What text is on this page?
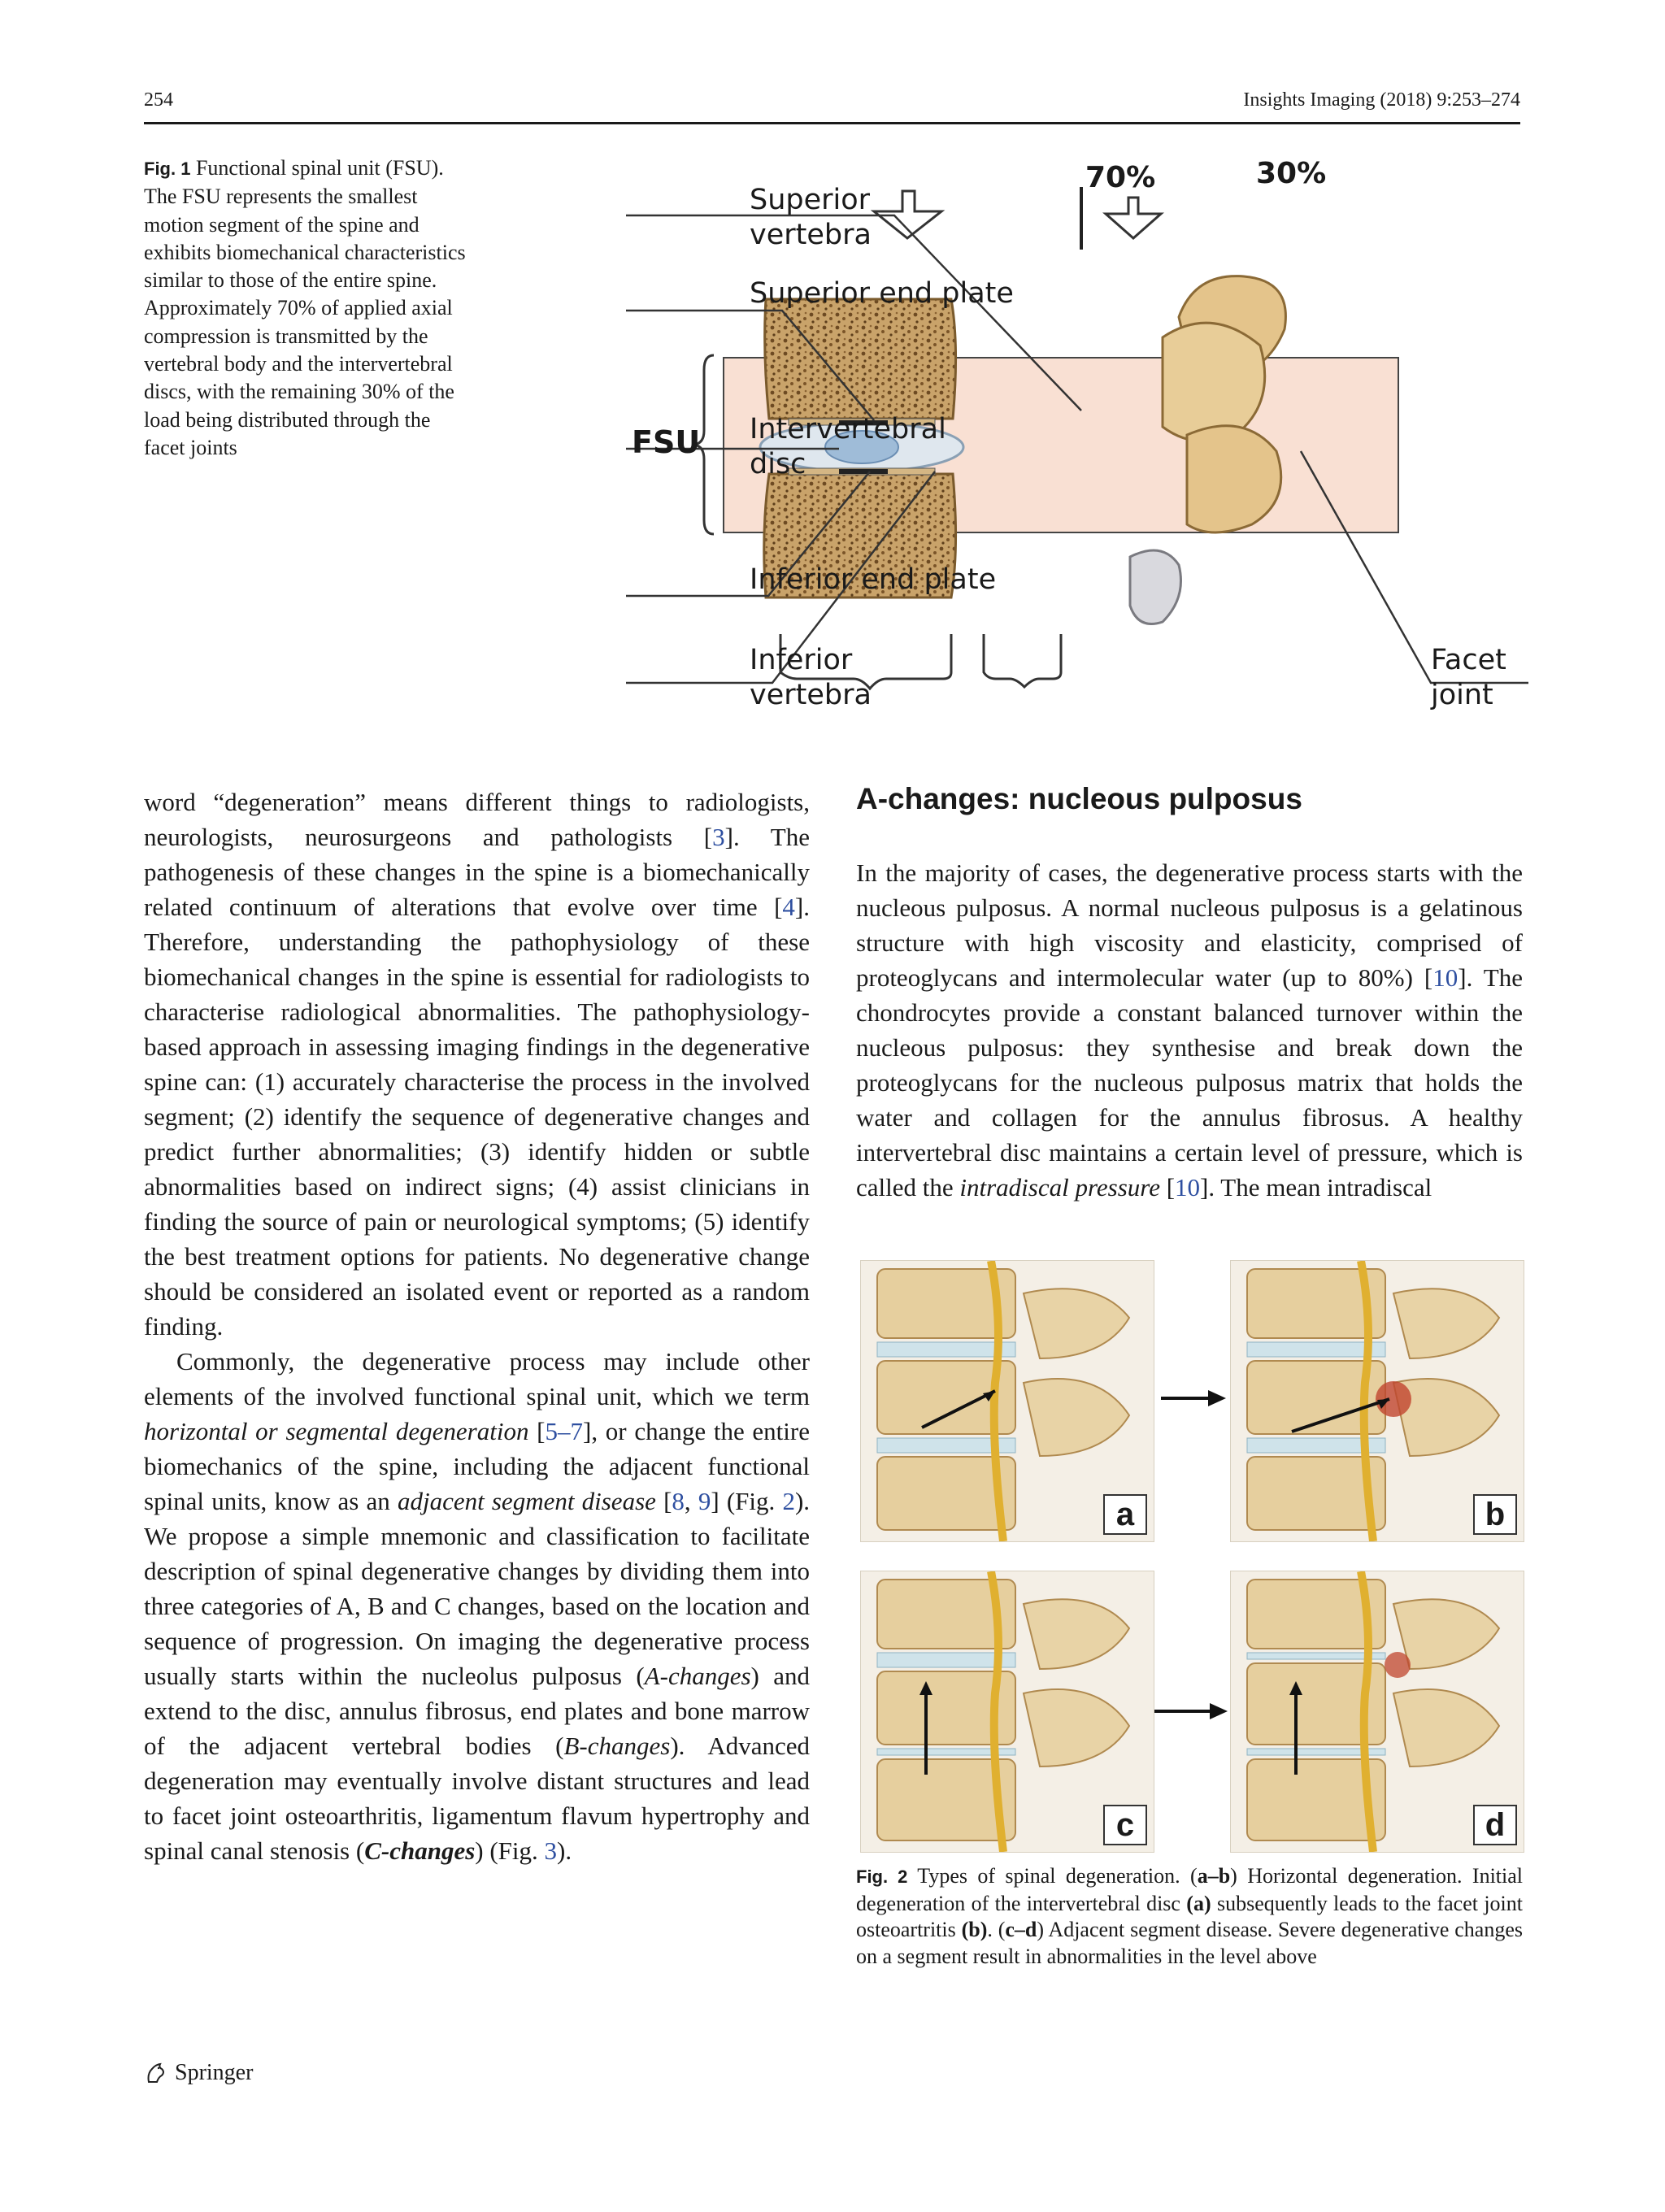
254	Insights Imaging (2018) 9:253–274
Fig. 1 Functional spinal unit (FSU). The FSU represents the smallest motion segment of the spine and exhibits biomechanical characteristics similar to those of the entire spine. Approximately 70% of applied axial compression is transmitted by the vertebral body and the intervertebral discs, with the remaining 30% of the load being distributed through the facet joints
70%	30%
Superior
vertebra
Superior end plate
FSU Intervertebral
disc
Inferior end plate
Inferior
vertebra
Facet
joint

word “degeneration” means different things to radiologists, neurologists, neurosurgeons and pathologists [3]. The pathogenesis of these changes in the spine is a biomechanically related continuum of alterations that evolve over time [4]. Therefore, understanding the pathophysiology of these biomechanical changes in the spine is essential for radiologists to characterise radiological abnormalities. The pathophysiology-based approach in assessing imaging findings in the degenerative spine can: (1) accurately characterise the process in the involved segment; (2) identify the sequence of degenerative changes and predict further abnormalities; (3) identify hidden or subtle abnormalities based on indirect signs; (4) assist clinicians in finding the source of pain or neurological symptoms; (5) identify the best treatment options for patients. No degenerative change should be considered an isolated event or reported as a random finding.

Commonly, the degenerative process may include other elements of the involved functional spinal unit, which we term horizontal or segmental degeneration [5–7], or change the entire biomechanics of the spine, including the adjacent functional spinal units, know as an adjacent segment disease [8, 9] (Fig. 2). We propose a simple mnemonic and classification to facilitate description of spinal degenerative changes by dividing them into three categories of A, B and C changes, based on the location and sequence of progression. On imaging the degenerative process usually starts within the nucleolus pulposus (A-changes) and extend to the disc, annulus fibrosus, end plates and bone marrow of the adjacent vertebral bodies (B-changes). Advanced degeneration may eventually involve distant structures and lead to facet joint osteoarthritis, ligamentum flavum hypertrophy and spinal canal stenosis (C-changes) (Fig. 3).

A-changes: nucleous pulposus

In the majority of cases, the degenerative process starts with the nucleous pulposus. A normal nucleous pulposus is a gelatinous structure with high viscosity and elasticity, comprised of proteoglycans and intermolecular water (up to 80%) [10]. The chondrocytes provide a constant balanced turnover within the nucleous pulposus: they synthesise and break down the proteoglycans for the nucleous pulposus matrix that holds the water and collagen for the annulus fibrosus. A healthy intervertebral disc maintains a certain level of pressure, which is called the intradiscal pressure [10]. The mean intradiscal

a	b
c	d
Fig. 2 Types of spinal degeneration. (a–b) Horizontal degeneration. Initial degeneration of the intervertebral disc (a) subsequently leads to the facet joint osteoartritis (b). (c–d) Adjacent segment disease. Severe degenerative changes on a segment result in abnormalities in the level above
Springer
